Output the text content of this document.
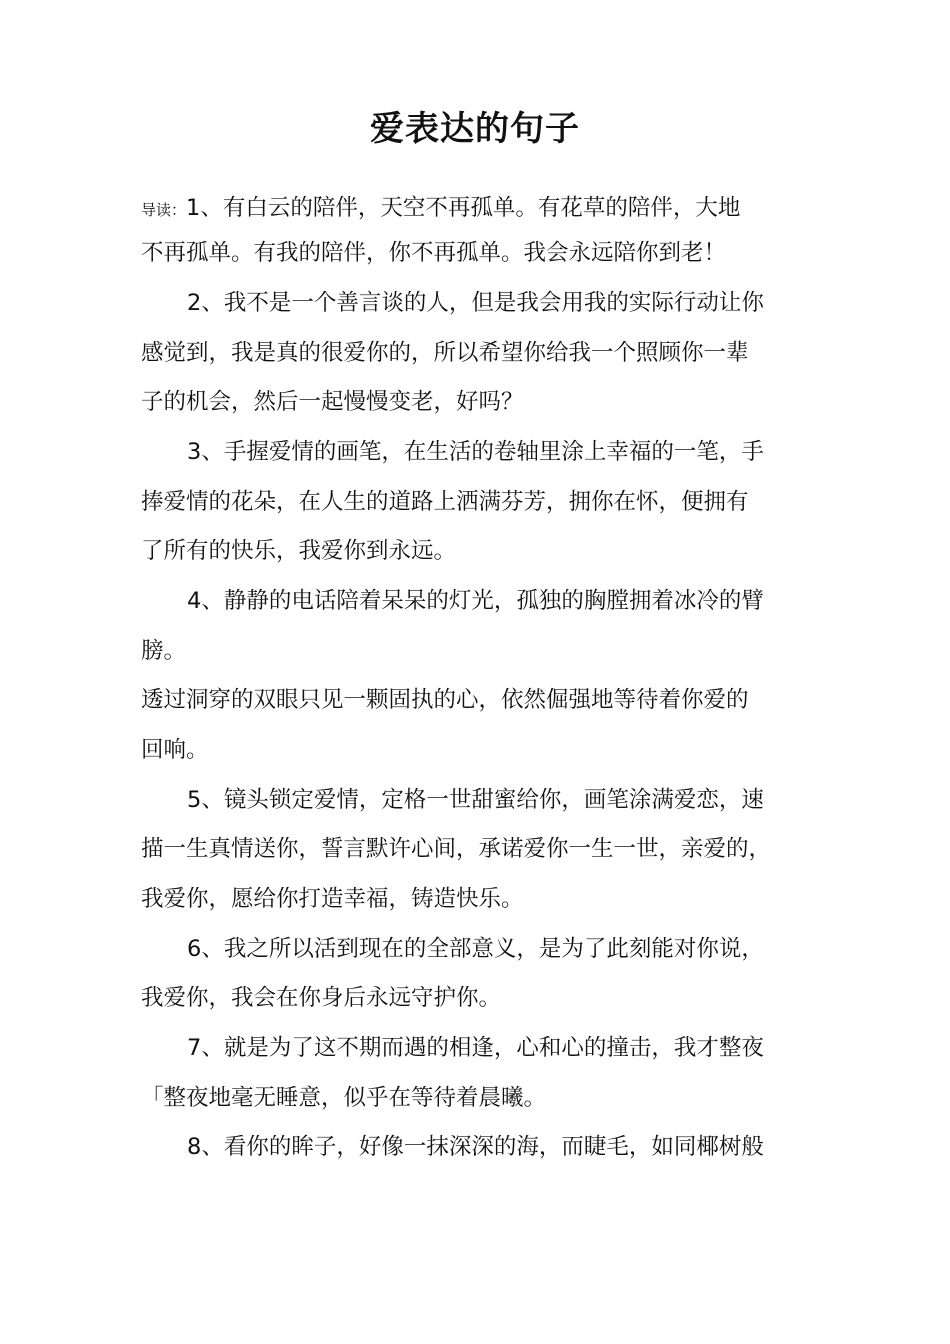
爱表达的句子
导读：1、有白云的陪伴，天空不再孤单。有花草的陪伴，大地
不再孤单。有我的陪伴，你不再孤单。我会永远陪你到老！
2、我不是一个善言谈的人，但是我会用我的实际行动让你
感觉到，我是真的很爱你的，所以希望你给我一个照顾你一辈
子的机会，然后一起慢慢变老，好吗？
3、手握爱情的画笔，在生活的卷轴里涂上幸福的一笔，手
捧爱情的花朵，在人生的道路上洒满芬芳，拥你在怀，便拥有
了所有的快乐，我爱你到永远。
4、静静的电话陪着呆呆的灯光，孤独的胸膛拥着冰冷的臂
膀。
透过洞穿的双眼只见一颗固执的心，依然倔强地等待着你爱的
回响。
5、镜头锁定爱情，定格一世甜蜜给你，画笔涂满爱恋，速
描一生真情送你，誓言默许心间，承诺爱你一生一世，亲爱的，
我爱你，愿给你打造幸福，铸造快乐。
6、我之所以活到现在的全部意义，是为了此刻能对你说，
我爱你，我会在你身后永远守护你。
7、就是为了这不期而遇的相逢，心和心的撞击，我才整夜
「整夜地毫无睡意，似乎在等待着晨曦。
8、看你的眸子，好像一抹深深的海，而睫毛，如同椰树般
